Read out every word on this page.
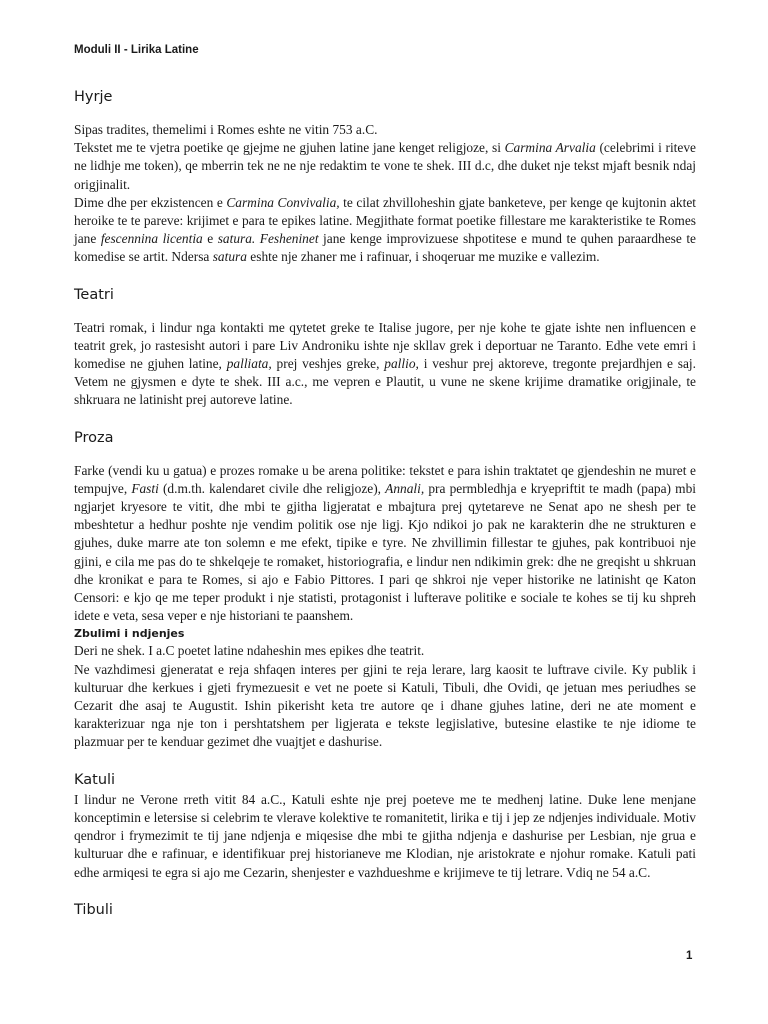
Moduli II - Lirika Latine
Hyrje

Sipas tradites, themelimi i Romes eshte ne vitin 753 a.C.

Tekstet me te vjetra poetike qe gjejme ne gjuhen latine jane kenget religjoze, si Carmina Arvalia (celebrimi i riteve ne lidhje me token), qe mberrin tek ne ne nje redaktim te vone te shek. III d.c, dhe duket nje tekst mjaft besnik ndaj origjinalit.

Dime dhe per ekzistencen e Carmina Convivalia, te cilat zhvilloheshin gjate banketeve, per kenge qe kujtonin aktet heroike te te pareve: krijimet e para te epikes latine. Megjithate format poetike fillestare me karakteristike te Romes jane fescennina licentia e satura. Fesheninet jane kenge improvizuese shpotitese e mund te quhen paraardhese te komedise se artit. Ndersa satura eshte nje zhaner me i rafinuar, i shoqeruar me muzike e vallezim.

Teatri

Teatri romak, i lindur nga kontakti me qytetet greke te Italise jugore, per nje kohe te gjate ishte nen influencen e teatrit grek, jo rastesisht autori i pare Liv Androniku ishte nje skllav grek i deportuar ne Taranto. Edhe vete emri i komedise ne gjuhen latine, palliata, prej veshjes greke, pallio, i veshur prej aktoreve, tregonte prejardhjen e saj. Vetem ne gjysmen e dyte te shek. III a.c., me vepren e Plautit, u vune ne skene krijime dramatike origjinale, te shkruara ne latinisht prej autoreve latine.

Proza

Farke (vendi ku u gatua) e prozes romake u be arena politike: tekstet e para ishin traktatet qe gjendeshin ne muret e tempujve, Fasti (d.m.th. kalendaret civile dhe religjoze), Annali, pra permbledhja e kryepriftit te madh (papa) mbi ngjarjet kryesore te vitit, dhe mbi te gjitha ligjeratat e mbajtura prej qytetareve ne Senat apo ne shesh per te mbeshtetur a hedhur poshte nje vendim politik ose nje ligj. Kjo ndikoi jo pak ne karakterin dhe ne strukturen e gjuhes, duke marre ate ton solemn e me efekt, tipike e tyre. Ne zhvillimin fillestar te gjuhes, pak kontribuoi nje gjini, e cila me pas do te shkelqeje te romaket, historiografia, e lindur nen ndikimin grek: dhe ne greqisht u shkruan dhe kronikat e para te Romes, si ajo e Fabio Pittores. I pari qe shkroi nje veper historike ne latinisht qe Katon Censori: e kjo qe me teper produkt i nje statisti, protagonist i lufterave politike e sociale te kohes se tij ku shpreh idete e veta, sesa veper e nje historiani te paanshem.

Zbulimi i ndjenjes

Deri ne shek. I a.C poetet latine ndaheshin mes epikes dhe teatrit.

Ne vazhdimesi gjeneratat e reja shfaqen interes per gjini te reja lerare, larg kaosit te luftrave civile. Ky publik i kulturuar dhe kerkues i gjeti frymezuesit e vet ne poete si Katuli, Tibuli, dhe Ovidi, qe jetuan mes periudhes se Cezarit dhe asaj te Augustit. Ishin pikerisht keta tre autore qe i dhane gjuhes latine, deri ne ate moment e karakterizuar nga nje ton i pershtatshem per ligjerata e tekste legjislative, butesine elastike te nje idiome te plazmuar per te kenduar gezimet dhe vuajtjet e dashurise.

Katuli

I lindur ne Verone rreth vitit 84 a.C., Katuli eshte nje prej poeteve me te medhenj latine. Duke lene menjane konceptimin e letersise si celebrim te vlerave kolektive te romanitetit, lirika e tij i jep ze ndjenjes individuale. Motiv qendror i frymezimit te tij jane ndjenja e miqesise dhe mbi te gjitha ndjenja e dashurise per Lesbian, nje grua e kulturuar dhe e rafinuar, e identifikuar prej historianeve me Klodian, nje aristokrate e njohur romake. Katuli pati edhe armiqesi te egra si ajo me Cezarin, shenjester e vazhdueshme e krijimeve te tij letrare. Vdiq ne 54 a.C.

Tibuli
1
